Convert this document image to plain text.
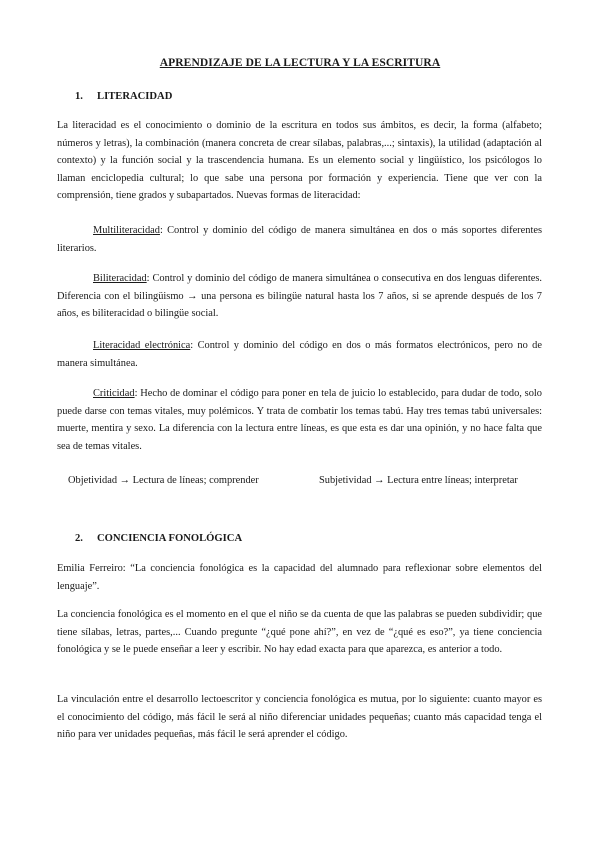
APRENDIZAJE DE LA LECTURA Y LA ESCRITURA
1. LITERACIDAD

La literacidad es el conocimiento o dominio de la escritura en todos sus ámbitos, es decir, la forma (alfabeto; números y letras), la combinación (manera concreta de crear sílabas, palabras,...; sintaxis), la utilidad (adaptación al contexto) y la función social y la trascendencia humana. Es un elemento social y lingüístico, los psicólogos lo llaman enciclopedia cultural; lo que sabe una persona por formación y experiencia. Tiene que ver con la comprensión, tiene grados y subapartados. Nuevas formas de literacidad:

Multiliteracidad: Control y dominio del código de manera simultánea en dos o más soportes diferentes literarios.

Biliteracidad: Control y dominio del código de manera simultánea o consecutiva en dos lenguas diferentes. Diferencia con el bilingüismo → una persona es bilingüe natural hasta los 7 años, si se aprende después de los 7 años, es biliteracidad o bilingüe social.

Literacidad electrónica: Control y dominio del código en dos o más formatos electrónicos, pero no de manera simultánea.

Criticidad: Hecho de dominar el código para poner en tela de juicio lo establecido, para dudar de todo, solo puede darse con temas vitales, muy polémicos. Y trata de combatir los temas tabú. Hay tres temas tabú universales: muerte, mentira y sexo. La diferencia con la lectura entre líneas, es que esta es dar una opinión, y no hace falta que sea de temas vitales.

Objetividad → Lectura de líneas; comprender	Subjetividad → Lectura entre líneas; interpretar

2. CONCIENCIA FONOLÓGICA

Emilia Ferreiro: “La conciencia fonológica es la capacidad del alumnado para reflexionar sobre elementos del lenguaje”.

La conciencia fonológica es el momento en el que el niño se da cuenta de que las palabras se pueden subdividir; que tiene sílabas, letras, partes,... Cuando pregunte “¿qué pone ahí?”, en vez de “¿qué es eso?”, ya tiene conciencia fonológica y se le puede enseñar a leer y escribir. No hay edad exacta para que aparezca, es anterior a todo.

La vinculación entre el desarrollo lectoescritor y conciencia fonológica es mutua, por lo siguiente: cuanto mayor es el conocimiento del código, más fácil le será al niño diferenciar unidades pequeñas; cuanto más capacidad tenga el niño para ver unidades pequeñas, más fácil le será aprender el código.
